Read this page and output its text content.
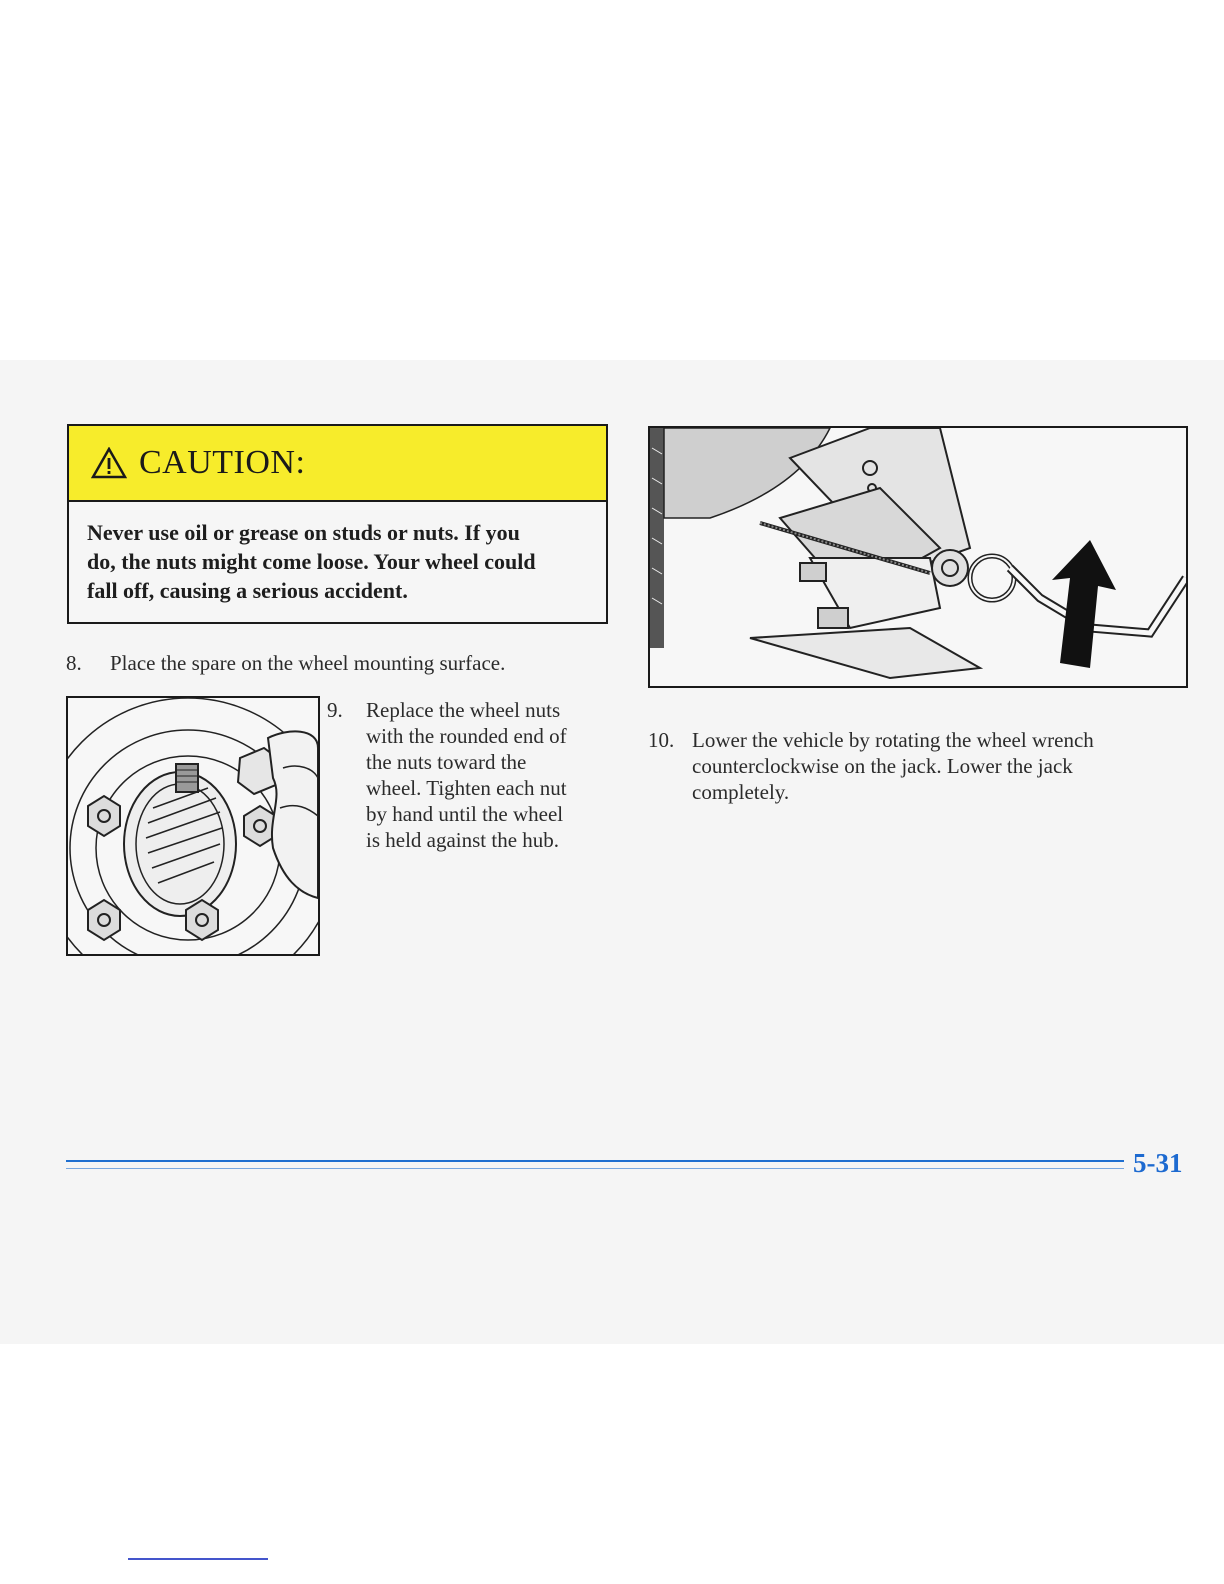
CAUTION:
Never use oil or grease on studs or nuts. If you
do, the nuts might come loose. Your wheel could
fall off, causing a serious accident.
8. Place the spare on the wheel mounting surface.
9. Replace the wheel nuts
with the rounded end of
the nuts toward the
wheel. Tighten each nut
by hand until the wheel
is held against the hub.
10. Lower the vehicle by rotating the wheel wrench
counterclockwise on the jack. Lower the jack
completely.
5-31
